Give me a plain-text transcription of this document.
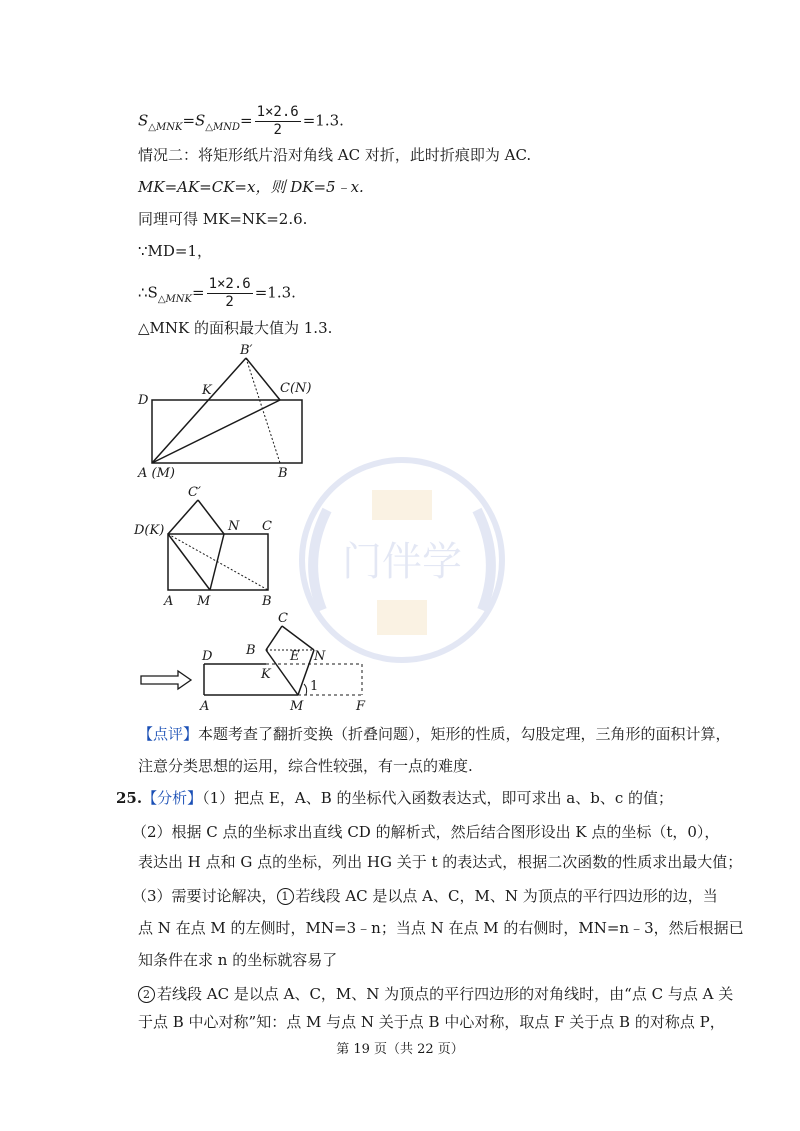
门伴学
$S_{\triangle MNK}=S_{\triangle MND}= \frac{1\times 2.6}{2} =1.3$.
情况二：将矩形纸片沿对角线 AC 对折，此时折痕即为 AC.
MK=AK=CK=x，则 DK=5﹣x.
同理可得 MK=NK=2.6.
∵MD=1，
$\therefore S_{\triangle MNK}= \frac{1\times 2.6}{2} =1.3$.
△MNK 的面积最大值为 1.3.
B′
K	C(N)
D
A (M)	B
C′
D(K)	N C
A M	B
C
B	E N
D
K
1
A	M	F
【点评】本题考查了翻折变换（折叠问题），矩形的性质，勾股定理，三角形的面积计算，
注意分类思想的运用，综合性较强，有一点的难度.
25.【分析】（1）把点 E，A、B 的坐标代入函数表达式，即可求出 a、b、c 的值；
（2）根据 C 点的坐标求出直线 CD 的解析式，然后结合图形设出 K 点的坐标（t，0），
表达出 H 点和 G 点的坐标，列出 HG 关于 t 的表达式，根据二次函数的性质求出最大值；
（3）需要讨论解决， 1 若线段 AC 是以点 A、C，M、N 为顶点的平行四边形的边，当
点 N 在点 M 的左侧时，MN=3﹣n；当点 N 在点 M 的右侧时，MN=n﹣3，然后根据已
知条件在求 n 的坐标就容易了
2 若线段 AC 是以点 A、C，M、N 为顶点的平行四边形的对角线时，由“点 C 与点 A 关
于点 B 中心对称”知：点 M 与点 N 关于点 B 中心对称，取点 F 关于点 B 的对称点 P，
第 19 页（共 22 页）
